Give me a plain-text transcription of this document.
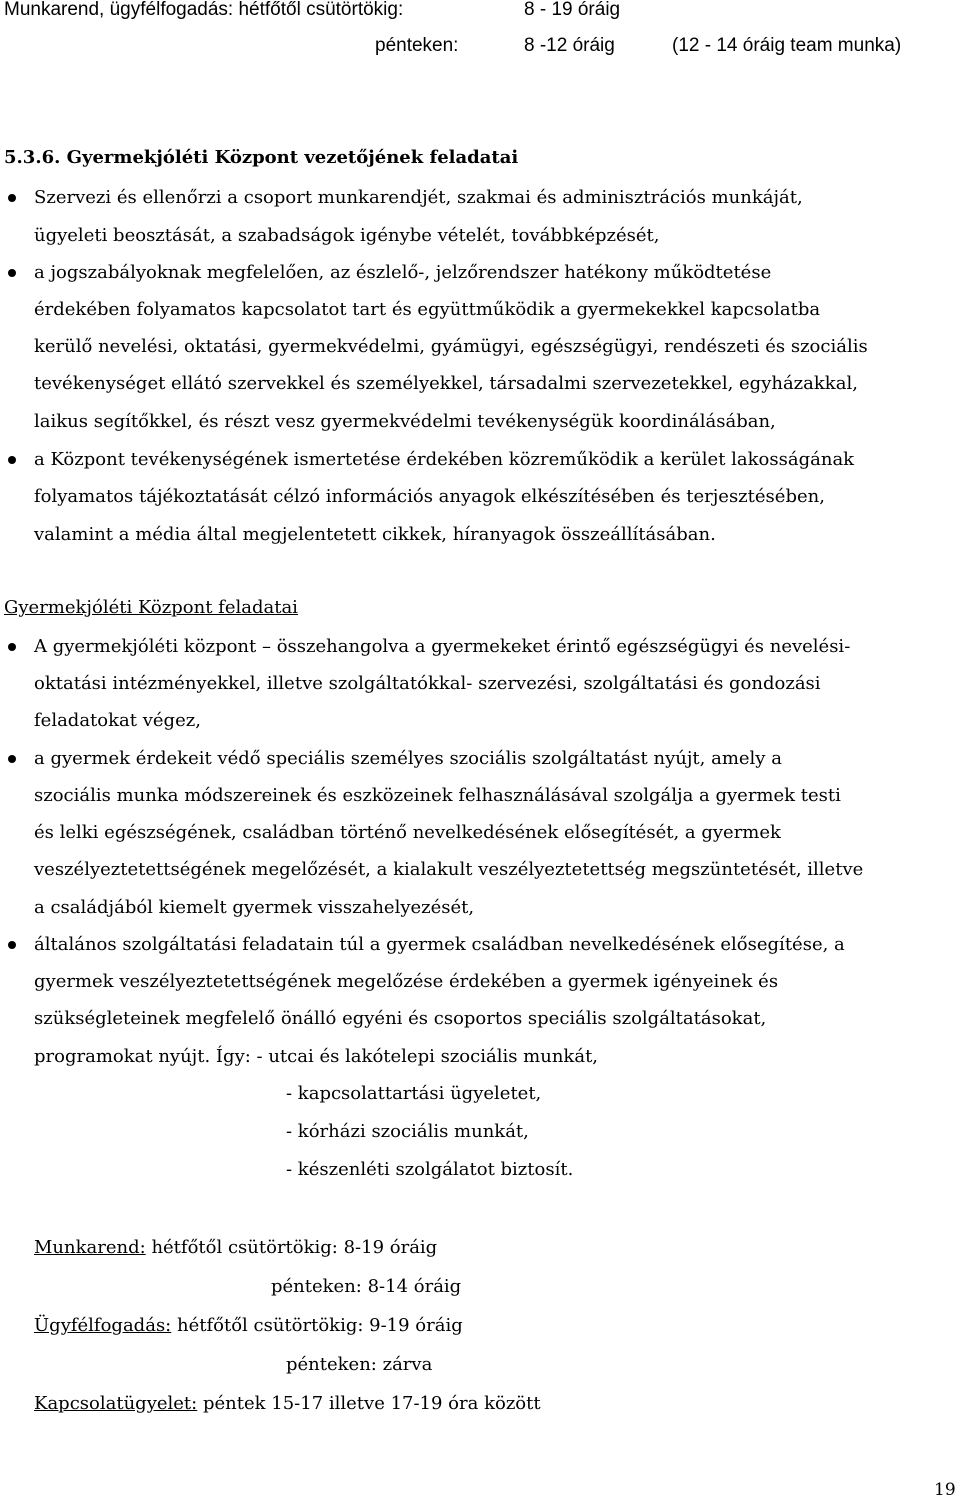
Munkarend, ügyfélfogadás: hétfőtől csütörtökig:	8 - 19 óráig
pénteken:	8 -12 óráig	(12 - 14 óráig team munka)
5.3.6. Gyermekjóléti Központ vezetőjének feladatai
Szervezi és ellenőrzi a csoport munkarendjét, szakmai és adminisztrációs munkáját,
ügyeleti beosztását, a szabadságok igénybe vételét, továbbképzését,
a jogszabályoknak megfelelően, az észlelő-, jelzőrendszer hatékony működtetése
érdekében folyamatos kapcsolatot tart és együttműködik a gyermekekkel kapcsolatba
kerülő nevelési, oktatási, gyermekvédelmi, gyámügyi, egészségügyi, rendészeti és szociális
tevékenységet ellátó szervekkel és személyekkel, társadalmi szervezetekkel, egyházakkal,
laikus segítőkkel, és részt vesz gyermekvédelmi tevékenységük koordinálásában,
a Központ tevékenységének ismertetése érdekében közreműködik a kerület lakosságának
folyamatos tájékoztatását célzó információs anyagok elkészítésében és terjesztésében,
valamint a média által megjelentetett cikkek, híranyagok összeállításában.
Gyermekjóléti Központ feladatai
A gyermekjóléti központ – összehangolva a gyermekeket érintő egészségügyi és nevelési-
oktatási intézményekkel, illetve szolgáltatókkal- szervezési, szolgáltatási és gondozási
feladatokat végez,
a gyermek érdekeit védő speciális személyes szociális szolgáltatást nyújt, amely a
szociális munka módszereinek és eszközeinek felhasználásával szolgálja a gyermek testi
és lelki egészségének, családban történő nevelkedésének elősegítését, a gyermek
veszélyeztetettségének megelőzését, a kialakult veszélyeztetettség megszüntetését, illetve
a családjából kiemelt gyermek visszahelyezését,
általános szolgáltatási feladatain túl a gyermek családban nevelkedésének elősegítése, a
gyermek veszélyeztetettségének megelőzése érdekében a gyermek igényeinek és
szükségleteinek megfelelő önálló egyéni és csoportos speciális szolgáltatásokat,
programokat nyújt. Így: - utcai és lakótelepi szociális munkát,
- kapcsolattartási ügyeletet,
- kórházi szociális munkát,
- készenléti szolgálatot biztosít.
Munkarend: hétfőtől csütörtökig: 8-19 óráig
pénteken: 8-14 óráig
Ügyfélfogadás: hétfőtől csütörtökig: 9-19 óráig
pénteken: zárva
Kapcsolatügyelet: péntek 15-17 illetve 17-19 óra között
19
